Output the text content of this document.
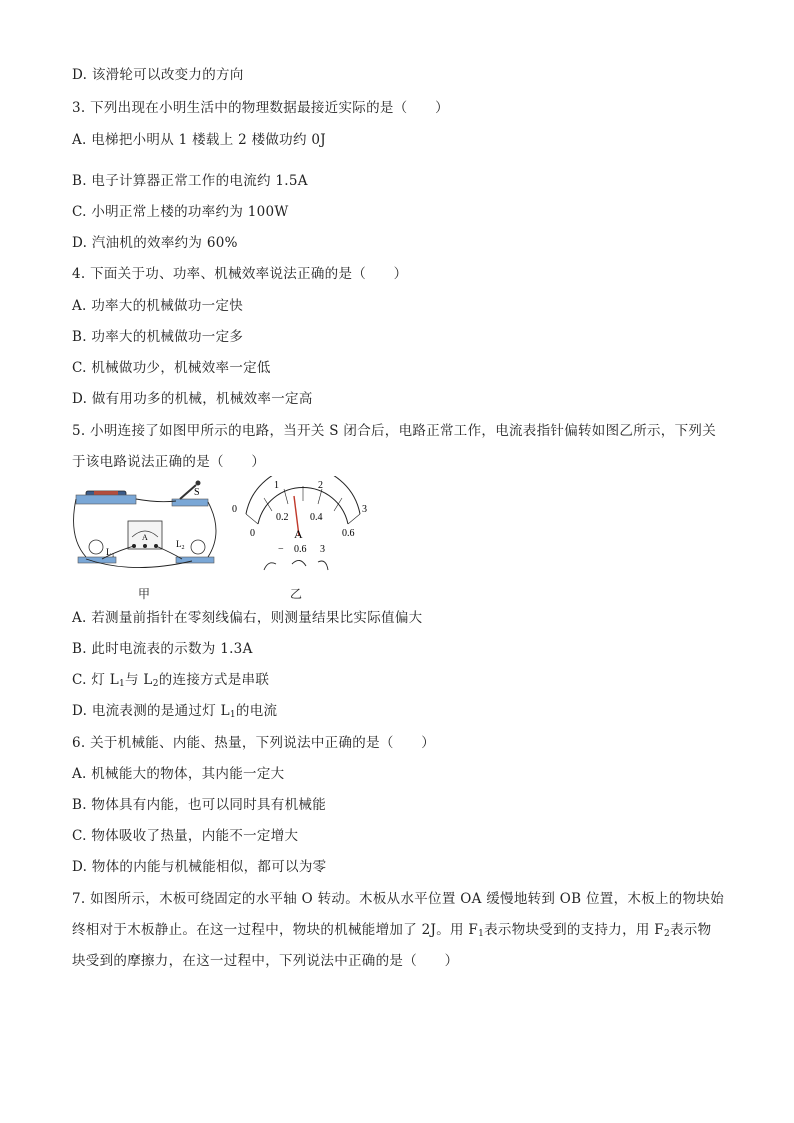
D. 该滑轮可以改变力的方向
3. 下列出现在小明生活中的物理数据最接近实际的是（　　）
A. 电梯把小明从 1 楼载上 2 楼做功约 0J
B. 电子计算器正常工作的电流约 1.5A
C. 小明正常上楼的功率约为 100W
D. 汽油机的效率约为 60%
4. 下面关于功、功率、机械效率说法正确的是（　　）
A. 功率大的机械做功一定快
B. 功率大的机械做功一定多
C. 机械做功少，机械效率一定低
D. 做有用功多的机械，机械效率一定高
5. 小明连接了如图甲所示的电路，当开关 S 闭合后，电路正常工作，电流表指针偏转如图乙所示，下列关
于该电路说法正确的是（　　）
S
A
$L_1$
$L_2$
甲
0
1	2
3
0
0.2 0.4
0.6
A
− 0.6 3
乙
A. 若测量前指针在零刻线偏右，则测量结果比实际值偏大
B. 此时电流表的示数为 1.3A
C. 灯 $L_1$与 $L_2$的连接方式是串联
D. 电流表测的是通过灯 $L_1$的电流
6. 关于机械能、内能、热量，下列说法中正确的是（　　）
A. 机械能大的物体，其内能一定大
B. 物体具有内能，也可以同时具有机械能
C. 物体吸收了热量，内能不一定增大
D. 物体的内能与机械能相似，都可以为零
7. 如图所示，木板可绕固定的水平轴 O 转动。木板从水平位置 OA 缓慢地转到 OB 位置，木板上的物块始
终相对于木板静止。在这一过程中，物块的机械能增加了 2J。用 $F_1$表示物块受到的支持力，用 $F_2$表示物
块受到的摩擦力，在这一过程中，下列说法中正确的是（　　）
